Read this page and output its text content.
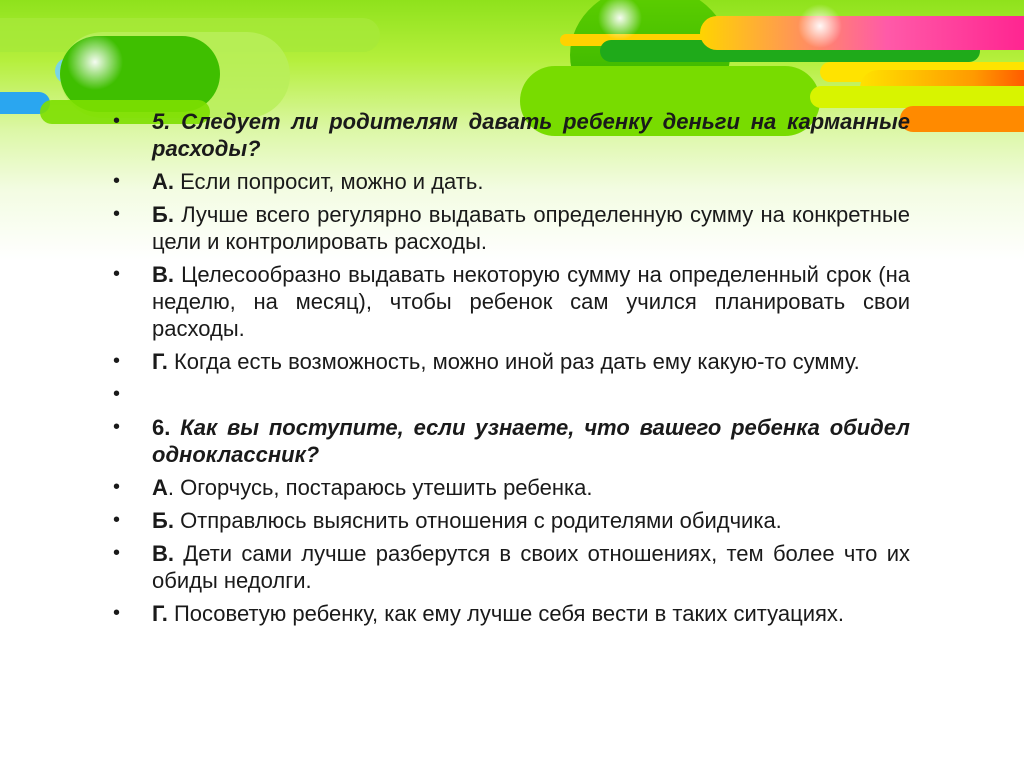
• 5. Следует ли родителям давать ребенку деньги на карманные расходы?
• А. Если попросит, можно и дать.
• Б. Лучше всего регулярно выдавать определенную сумму на конкретные цели и контролировать расходы.
• В. Целесообразно выдавать некоторую сумму на определенный срок (на неделю, на месяц), чтобы ребенок сам учился планировать свои расходы.
• Г. Когда есть возможность, можно иной раз дать ему какую-то сумму.
•
• 6. Как вы поступите, если узнаете, что вашего ребенка обидел одноклассник?
• А. Огорчусь, постараюсь утешить ребенка.
• Б. Отправлюсь выяснить отношения с родителями обидчика.
• В. Дети сами лучше разберутся в своих отношениях, тем более что их обиды недолги.
• Г. Посоветую ребенку, как ему лучше себя вести в таких ситуациях.
